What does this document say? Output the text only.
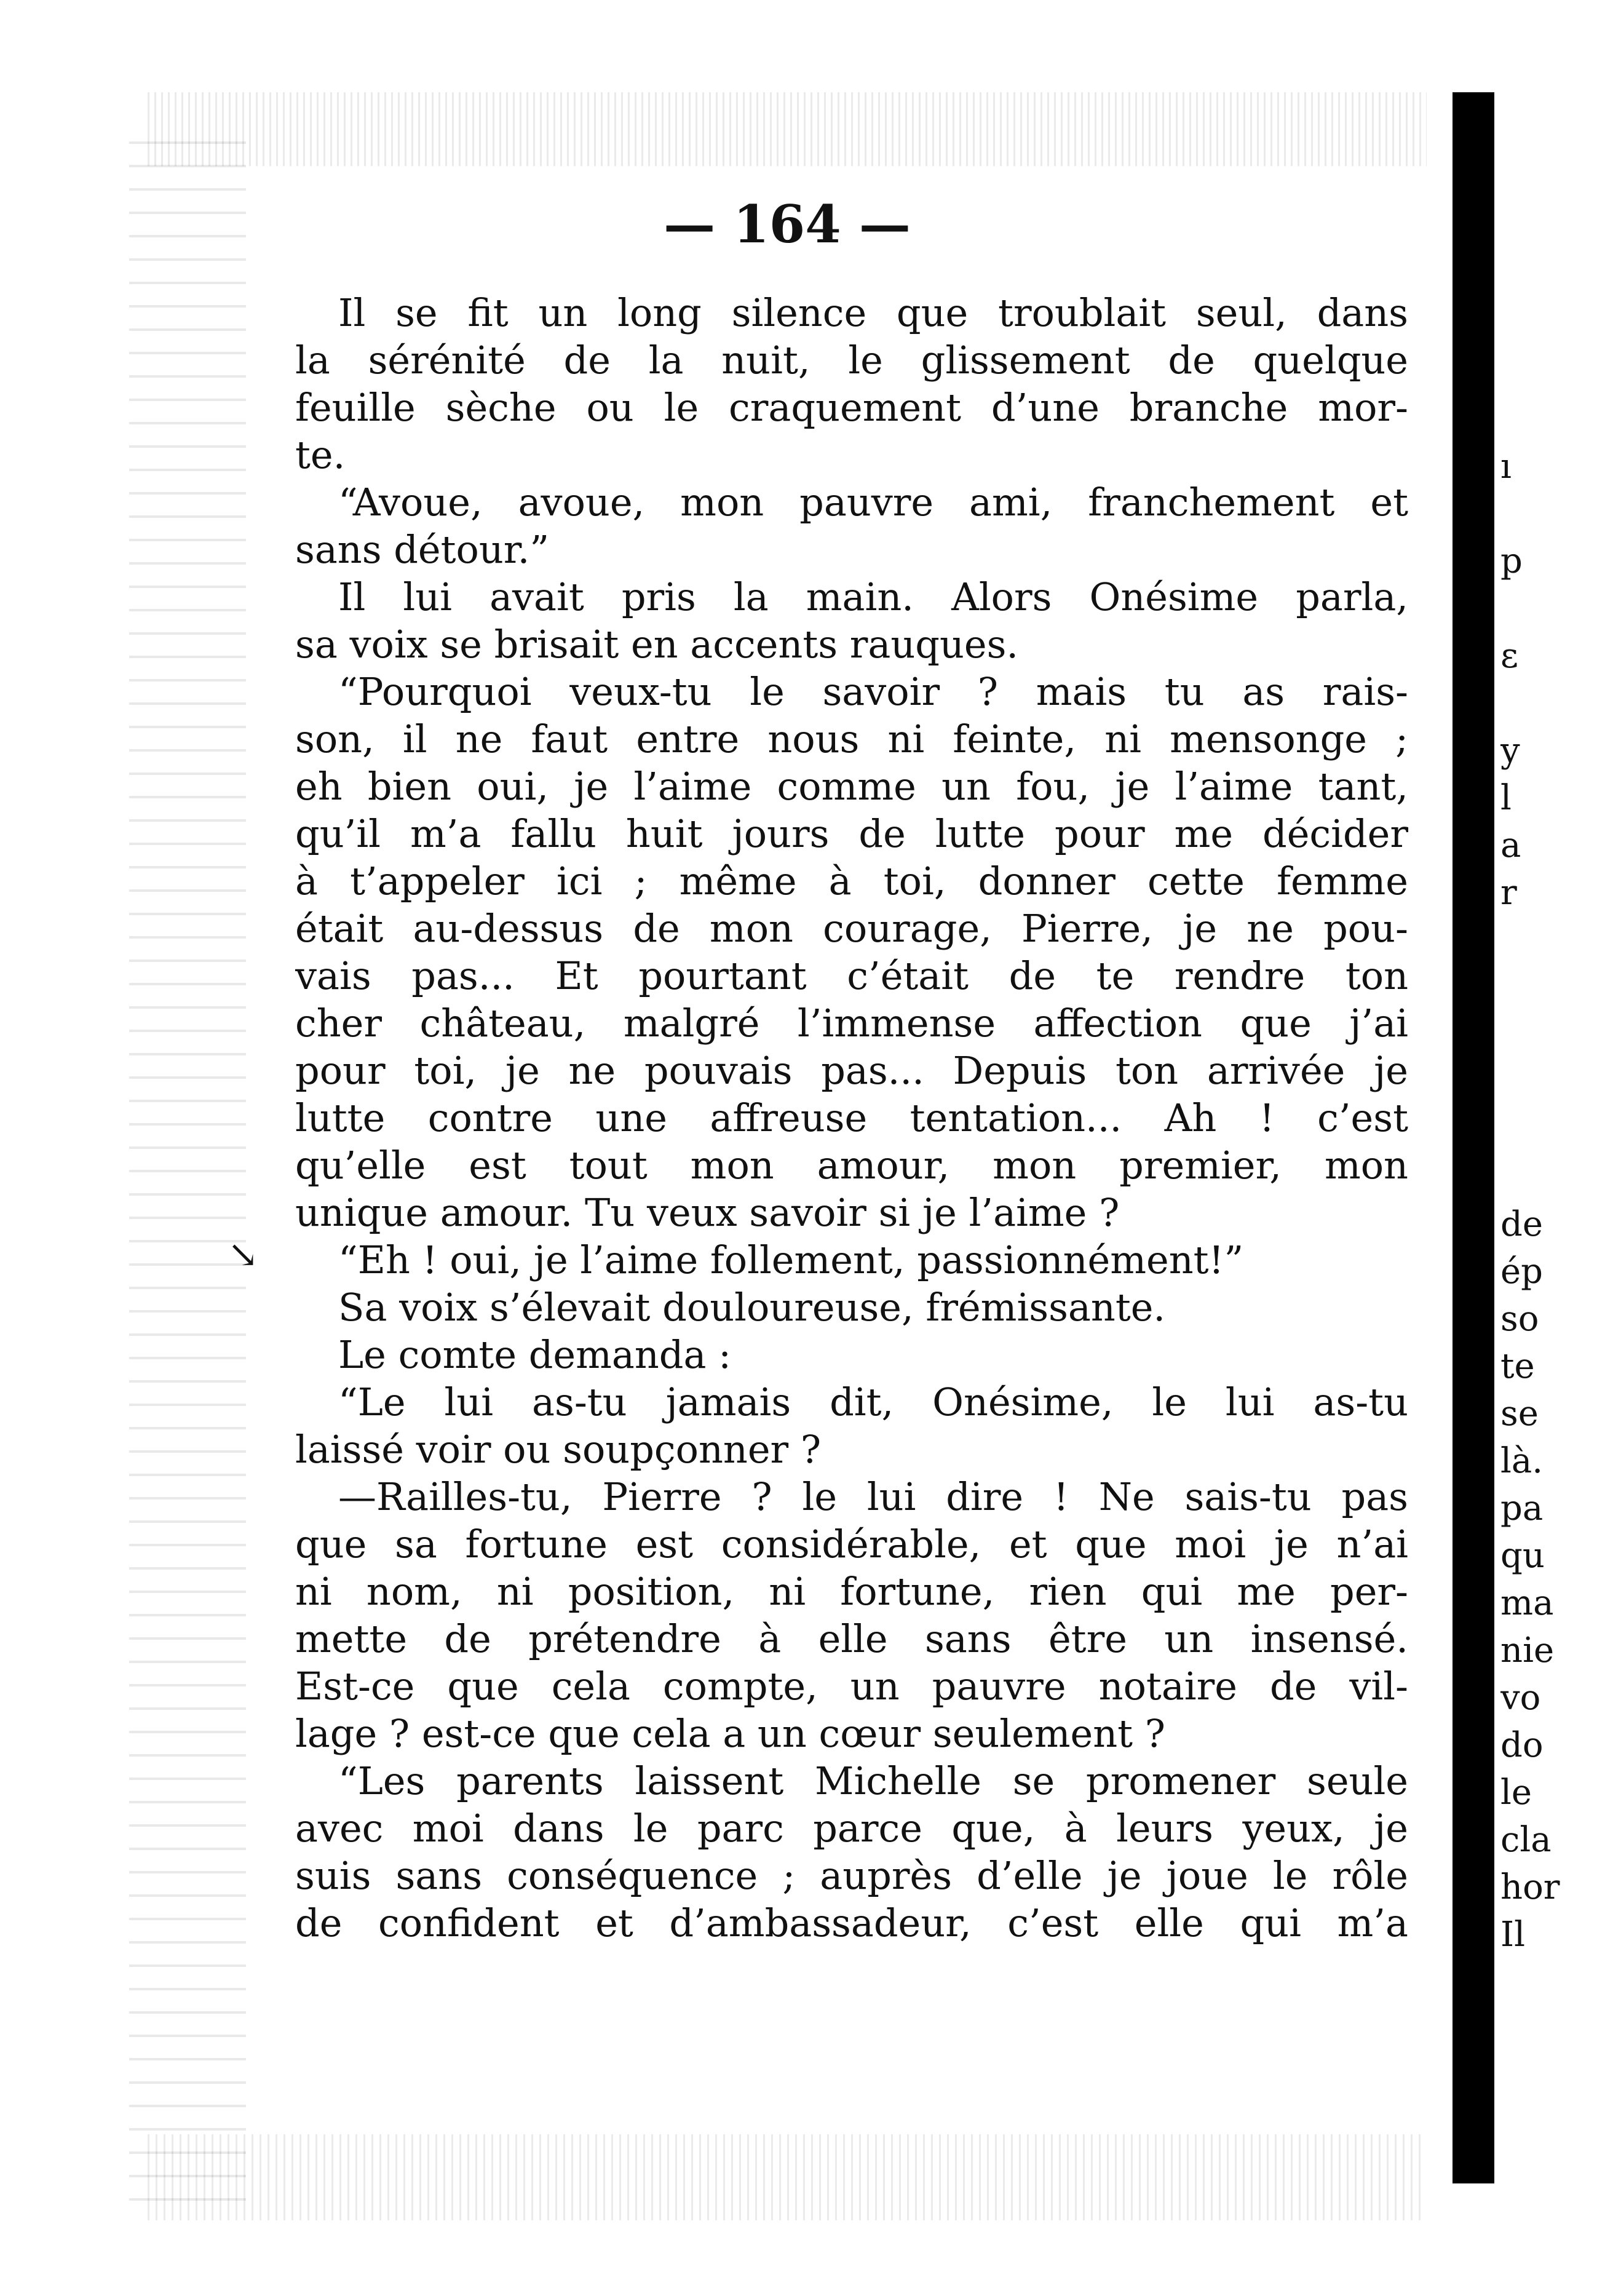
↘
— 164 —
Il se fit un long silence que troublait seul, dans
la sérénité de la nuit, le glissement de quelque
feuille sèche ou le craquement d’une branche mor-
te.
“Avoue, avoue, mon pauvre ami, franchement et
sans détour.”
Il lui avait pris la main. Alors Onésime parla,
sa voix se brisait en accents rauques.
“Pourquoi veux-tu le savoir ? mais tu as rais-
son, il ne faut entre nous ni feinte, ni mensonge ;
eh bien oui, je l’aime comme un fou, je l’aime tant,
qu’il m’a fallu huit jours de lutte pour me décider
à t’appeler ici ; même à toi, donner cette femme
était au-dessus de mon courage, Pierre, je ne pou-
vais pas... Et pourtant c’était de te rendre ton
cher château, malgré l’immense affection que j’ai
pour toi, je ne pouvais pas... Depuis ton arrivée je
lutte contre une affreuse tentation... Ah ! c’est
qu’elle est tout mon amour, mon premier, mon
unique amour. Tu veux savoir si je l’aime ?
“Eh ! oui, je l’aime follement, passionnément!”
Sa voix s’élevait douloureuse, frémissante.
Le comte demanda :
“Le lui as-tu jamais dit, Onésime, le lui as-tu
laissé voir ou soupçonner ?
—Railles-tu, Pierre ? le lui dire ! Ne sais-tu pas
que sa fortune est considérable, et que moi je n’ai
ni nom, ni position, ni fortune, rien qui me per-
mette de prétendre à elle sans être un insensé.
Est-ce que cela compte, un pauvre notaire de vil-
lage ? est-ce que cela a un cœur seulement ?
“Les parents laissent Michelle se promener seule
avec moi dans le parc parce que, à leurs yeux, je
suis sans conséquence ; auprès d’elle je joue le rôle
de confident et d’ambassadeur, c’est elle qui m’a
ı
p
ε
y
l
a
r
de
ép
so
te
se
là.
pa
qu
ma
nie
vo
do
le
cla
hor
Il
